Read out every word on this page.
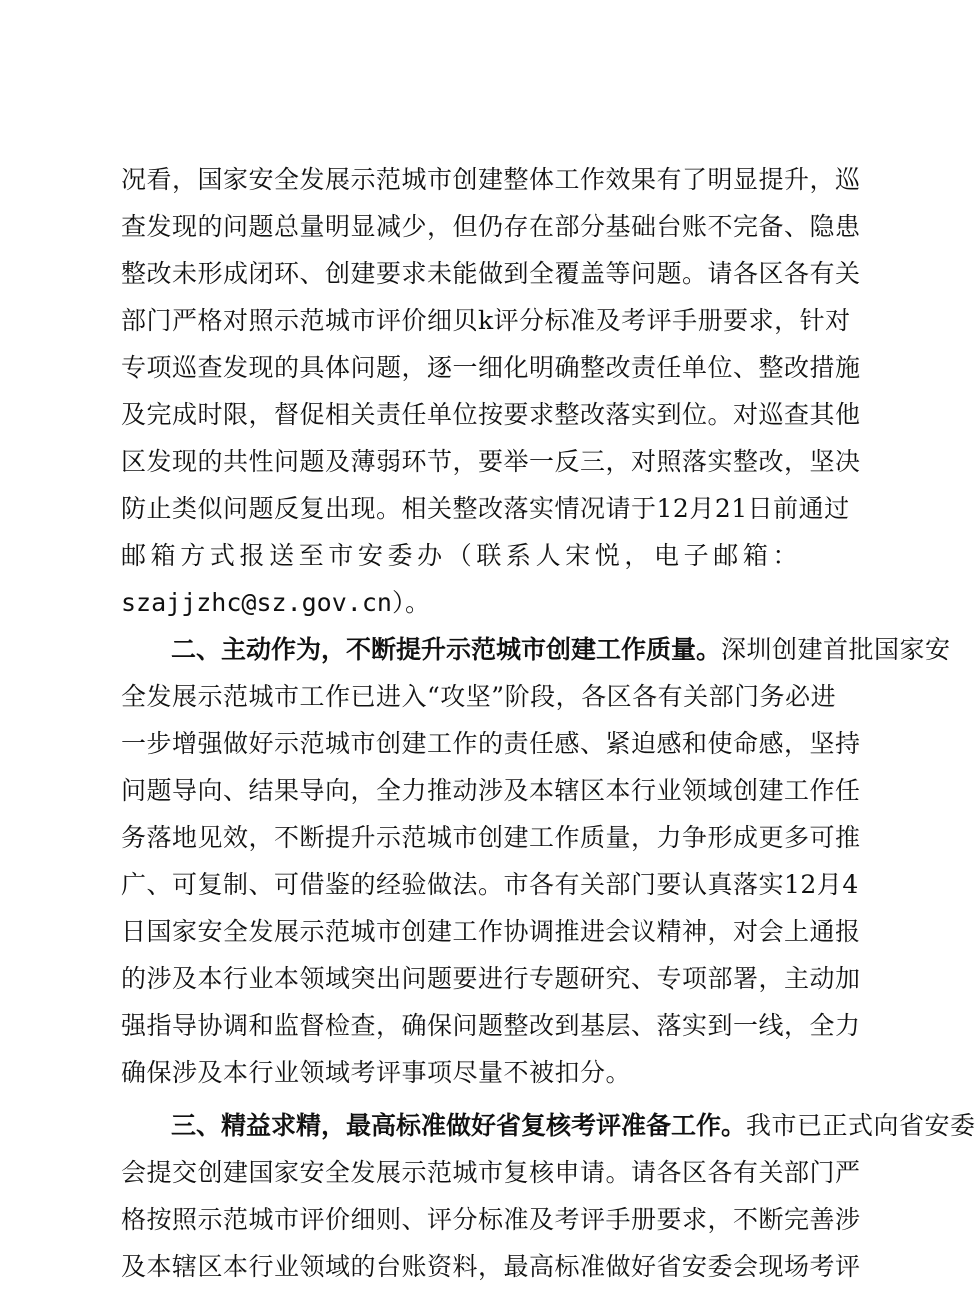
况看，国家安全发展示范城市创建整体工作效果有了明显提升，巡
查发现的问题总量明显减少，但仍存在部分基础台账不完备、隐患
整改未形成闭环、创建要求未能做到全覆盖等问题。请各区各有关
部门严格对照示范城市评价细贝k评分标准及考评手册要求，针对
专项巡查发现的具体问题，逐一细化明确整改责任单位、整改措施
及完成时限，督促相关责任单位按要求整改落实到位。对巡查其他
区发现的共性问题及薄弱环节，要举一反三，对照落实整改，坚决
防止类似问题反复出现。相关整改落实情况请于12月21日前通过
邮箱方式报送至市安委办（联系人宋悦，电子邮箱：
szajjzhc@sz.gov.cn）。
二、主动作为，不断提升示范城市创建工作质量。深圳创建首批国家安
全发展示范城市工作已进入“攻坚”阶段，各区各有关部门务必进
一步增强做好示范城市创建工作的责任感、紧迫感和使命感，坚持
问题导向、结果导向，全力推动涉及本辖区本行业领域创建工作任
务落地见效，不断提升示范城市创建工作质量，力争形成更多可推
广、可复制、可借鉴的经验做法。市各有关部门要认真落实12月4
日国家安全发展示范城市创建工作协调推进会议精神，对会上通报
的涉及本行业本领域突出问题要进行专题研究、专项部署，主动加
强指导协调和监督检查，确保问题整改到基层、落实到一线，全力
确保涉及本行业领域考评事项尽量不被扣分。
三、精益求精，最高标准做好省复核考评准备工作。我市已正式向省安委
会提交创建国家安全发展示范城市复核申请。请各区各有关部门严
格按照示范城市评价细则、评分标准及考评手册要求，不断完善涉
及本辖区本行业领域的台账资料，最高标准做好省安委会现场考评
